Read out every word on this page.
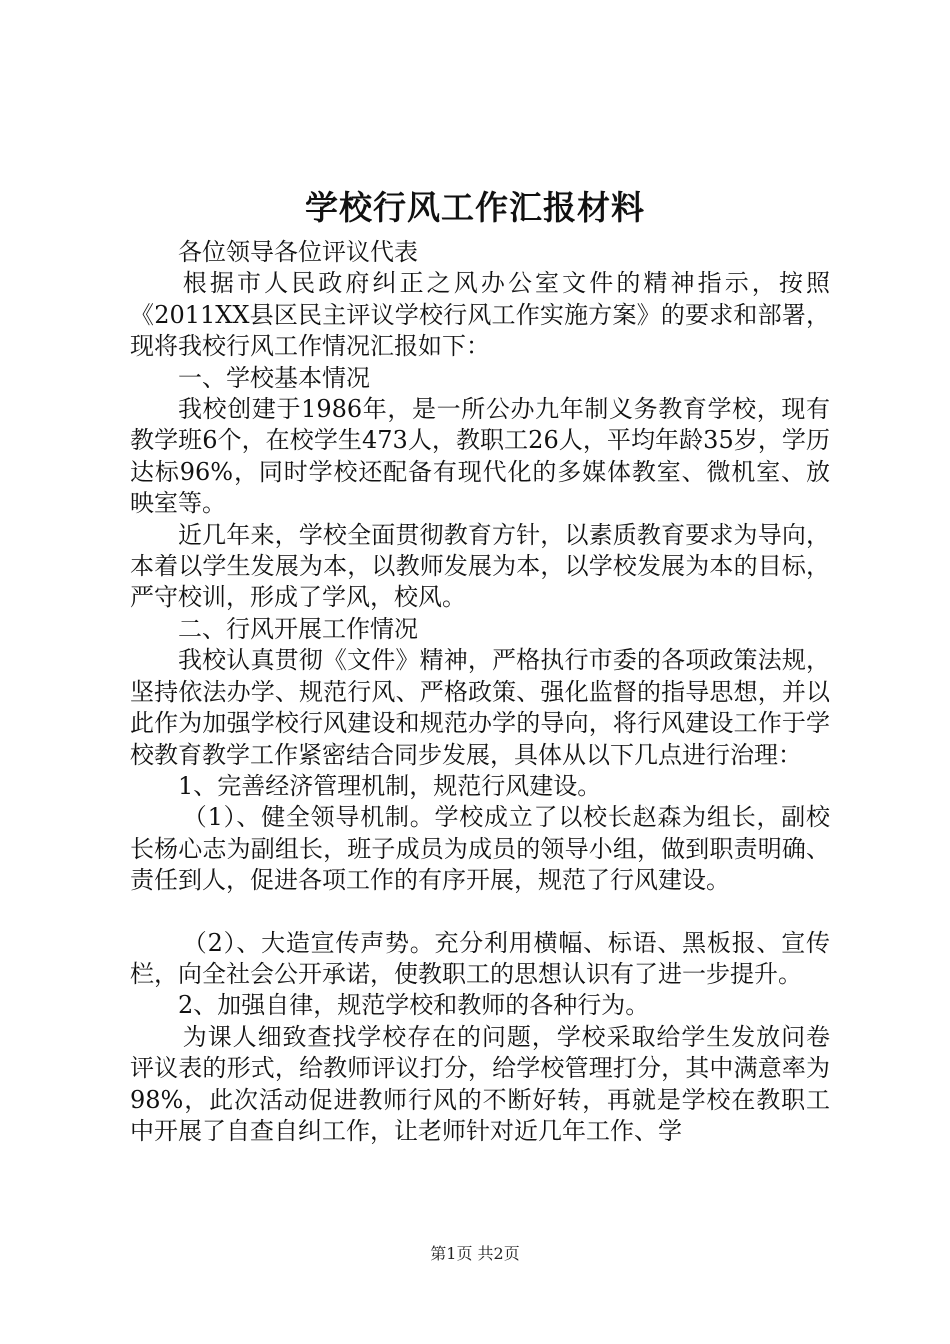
学校行风工作汇报材料

各位领导各位评议代表

根据市人民政府纠正之风办公室文件的精神指示，按照《2011XX县区民主评议学校行风工作实施方案》的要求和部署，现将我校行风工作情况汇报如下：

一、学校基本情况

我校创建于1986年，是一所公办九年制义务教育学校，现有教学班6个，在校学生473人，教职工26人，平均年龄35岁，学历达标96%，同时学校还配备有现代化的多媒体教室、微机室、放映室等。

近几年来，学校全面贯彻教育方针，以素质教育要求为导向，本着以学生发展为本，以教师发展为本，以学校发展为本的目标，严守校训，形成了学风，校风。

二、行风开展工作情况

我校认真贯彻《文件》精神，严格执行市委的各项政策法规，坚持依法办学、规范行风、严格政策、强化监督的指导思想，并以此作为加强学校行风建设和规范办学的导向，将行风建设工作于学校教育教学工作紧密结合同步发展，具体从以下几点进行治理：

1、完善经济管理机制，规范行风建设。

（1）、健全领导机制。学校成立了以校长赵森为组长，副校长杨心志为副组长，班子成员为成员的领导小组，做到职责明确、责任到人，促进各项工作的有序开展，规范了行风建设。

（2）、大造宣传声势。充分利用横幅、标语、黑板报、宣传栏，向全社会公开承诺，使教职工的思想认识有了进一步提升。

2、加强自律，规范学校和教师的各种行为。

为课人细致查找学校存在的问题，学校采取给学生发放问卷评议表的形式，给教师评议打分，给学校管理打分，其中满意率为98%，此次活动促进教师行风的不断好转，再就是学校在教职工中开展了自查自纠工作，让老师针对近几年工作、学

第1页 共2页
